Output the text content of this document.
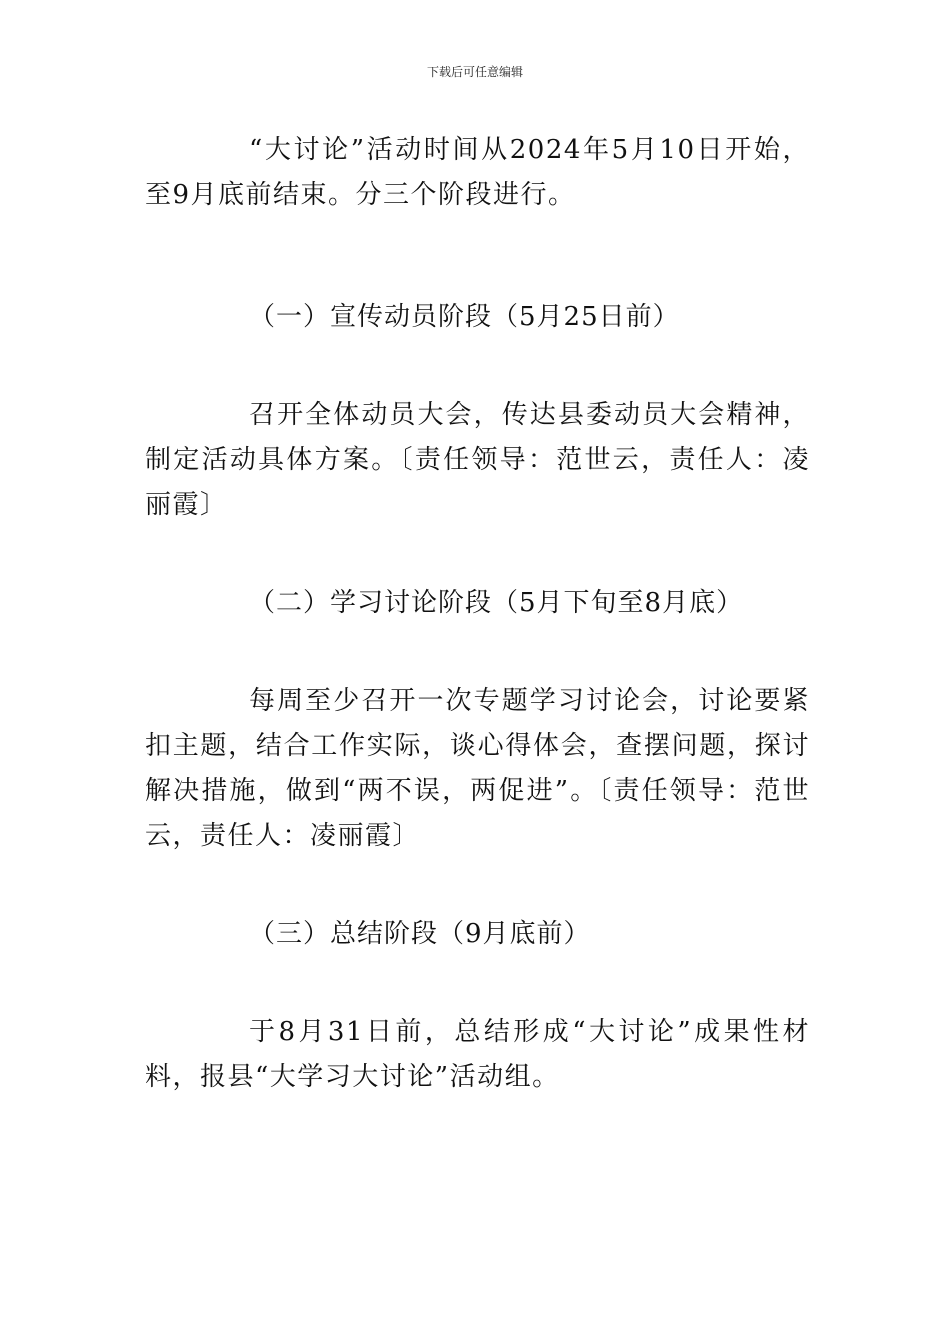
下载后可任意编辑

“大讨论”活动时间从2024年5月10日开始，至9月底前结束。分三个阶段进行。

（一）宣传动员阶段（5月25日前）

召开全体动员大会，传达县委动员大会精神，制定活动具体方案。〔责任领导：范世云，责任人：凌丽霞〕

（二）学习讨论阶段（5月下旬至8月底）

每周至少召开一次专题学习讨论会，讨论要紧扣主题，结合工作实际，谈心得体会，查摆问题，探讨解决措施，做到“两不误，两促进”。〔责任领导：范世云，责任人：凌丽霞〕

（三）总结阶段（9月底前）

于8月31日前，总结形成“大讨论”成果性材料，报县“大学习大讨论”活动组。
